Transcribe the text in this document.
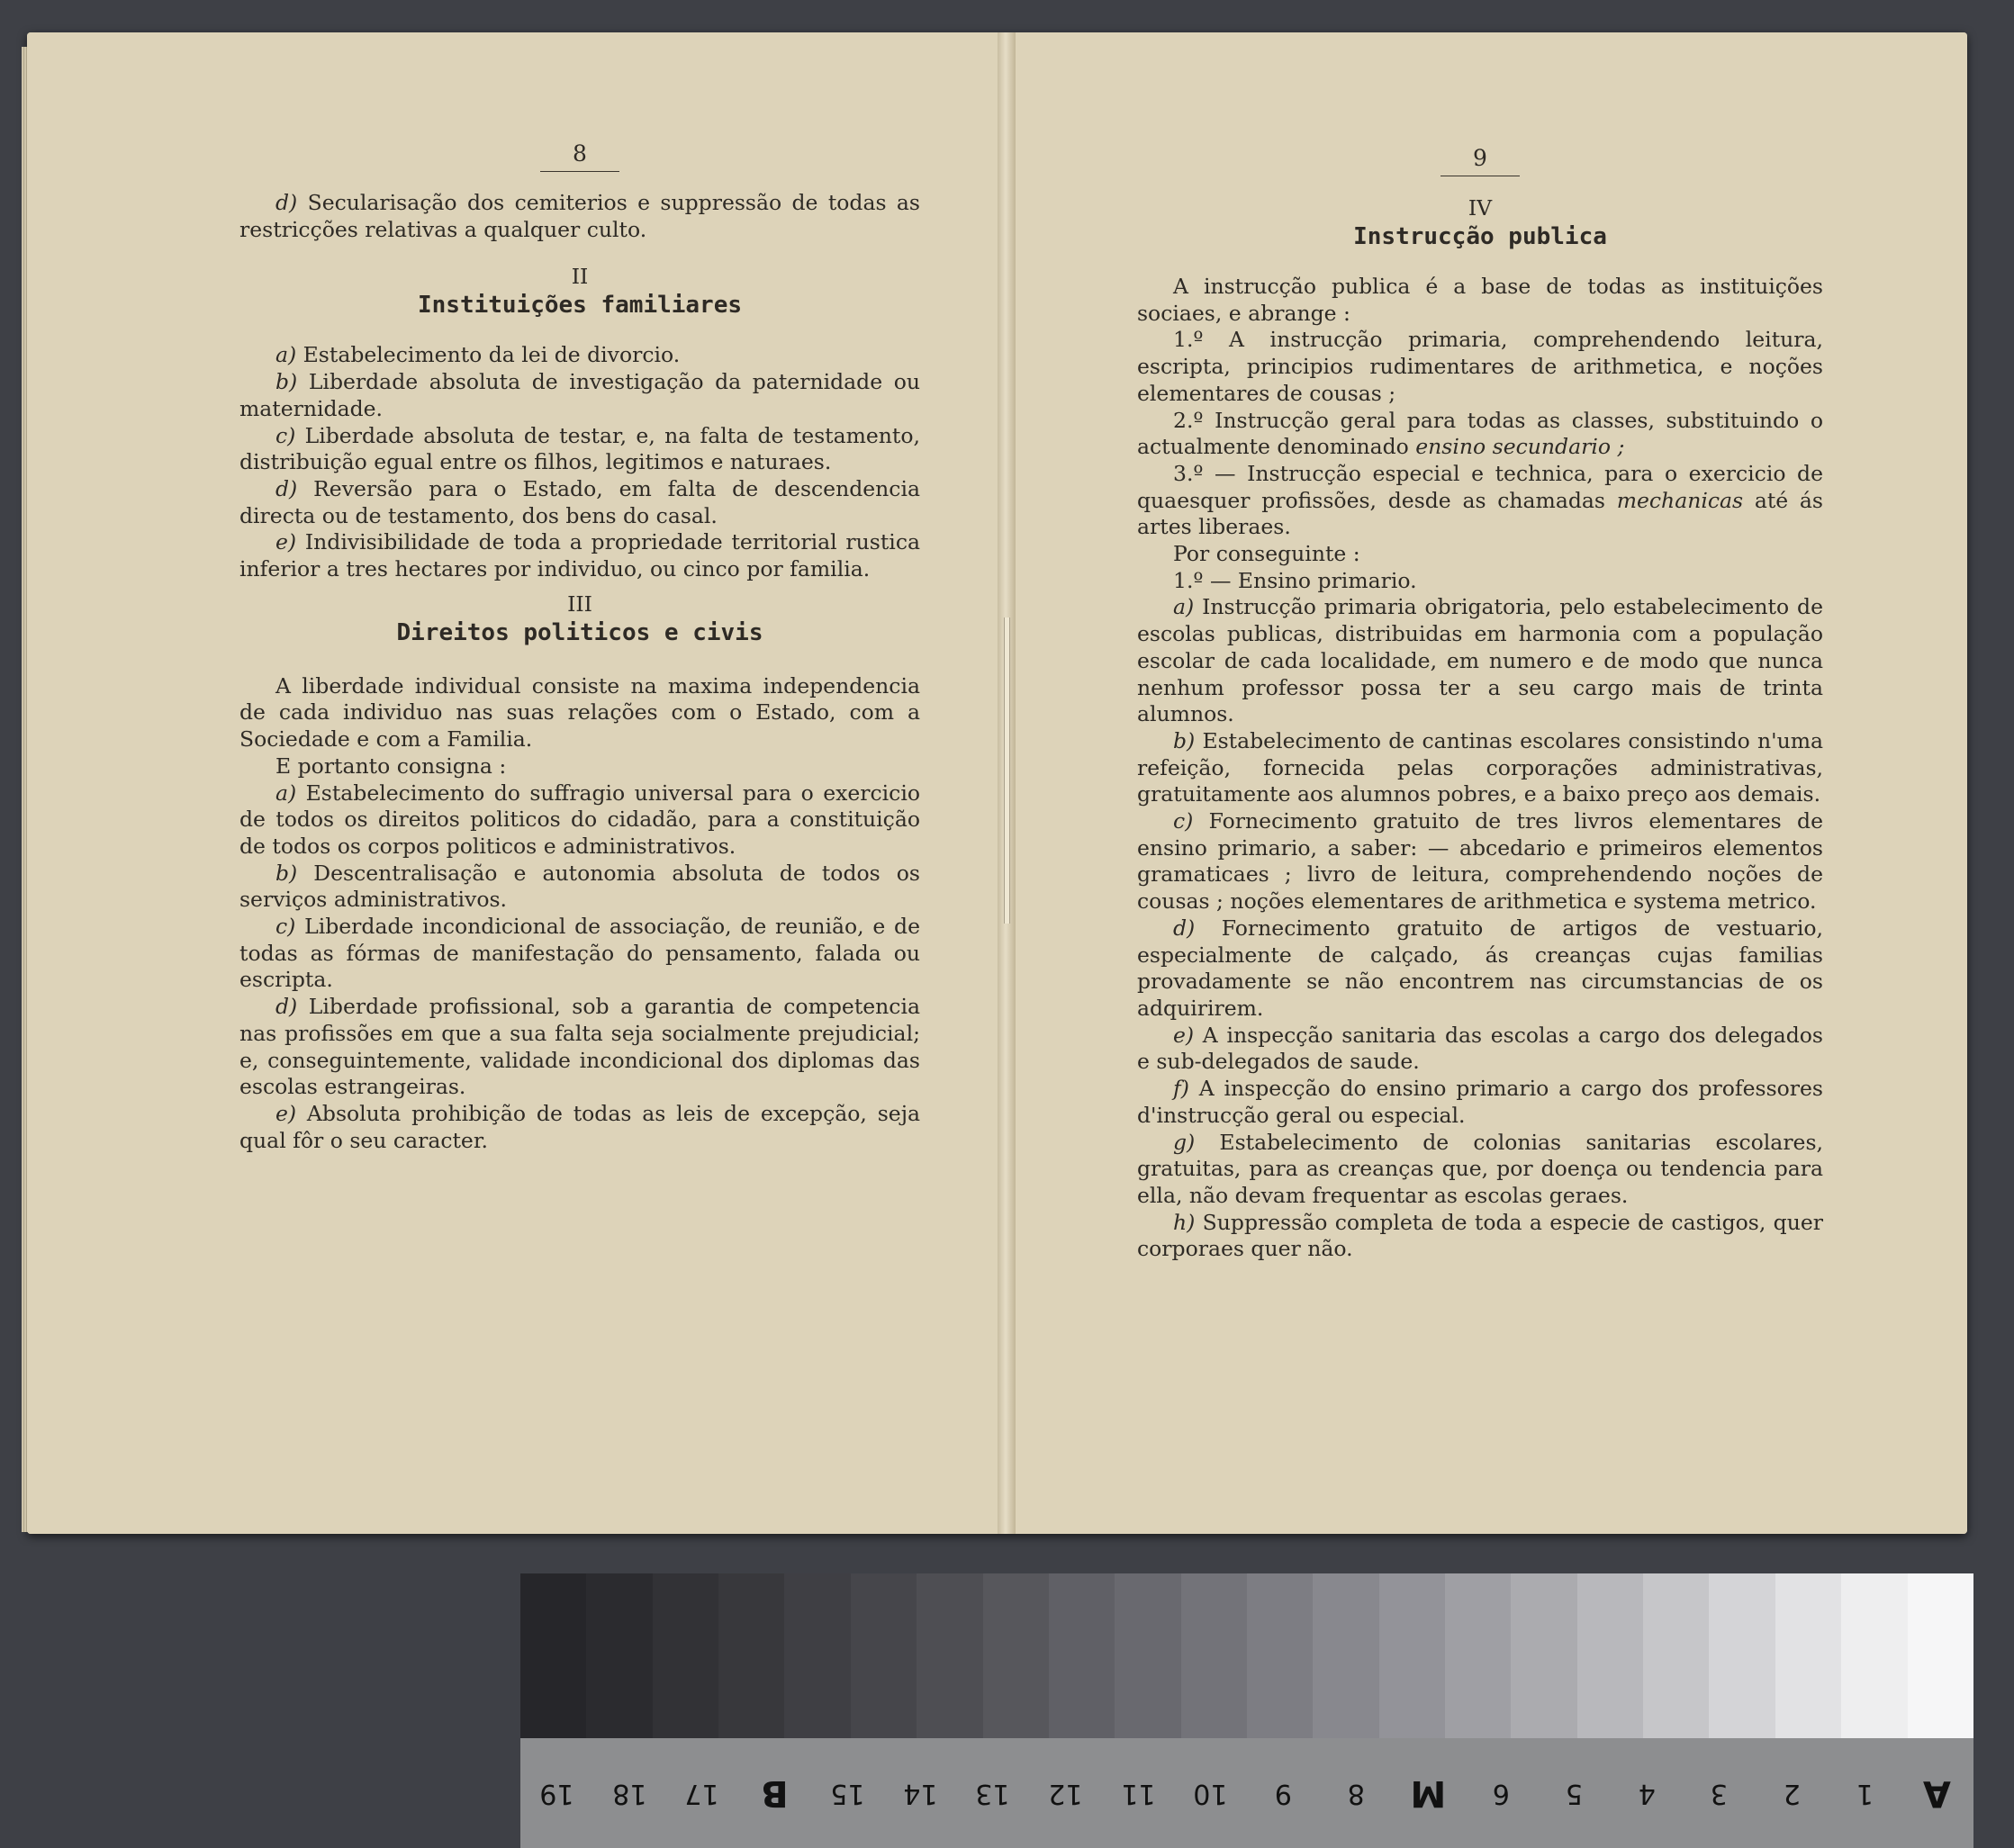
8

d) Secularisação dos cemiterios e suppressão de todas as restricções relativas a qualquer culto.

II

Instituições familiares

a) Estabelecimento da lei de divorcio.

b) Liberdade absoluta de investigação da paternidade ou maternidade.

c) Liberdade absoluta de testar, e, na falta de testamento, distribuição egual entre os filhos, legitimos e naturaes.

d) Reversão para o Estado, em falta de descendencia directa ou de testamento, dos bens do casal.

e) Indivisibilidade de toda a propriedade territorial rustica inferior a tres hectares por individuo, ou cinco por familia.

III

Direitos politicos e civis

A liberdade individual consiste na maxima independencia de cada individuo nas suas relações com o Estado, com a Sociedade e com a Familia.

E portanto consigna :

a) Estabelecimento do suffragio universal para o exercicio de todos os direitos politicos do cidadão, para a constituição de todos os corpos politicos e administrativos.

b) Descentralisação e autonomia absoluta de todos os serviços administrativos.

c) Liberdade incondicional de associação, de reunião, e de todas as fórmas de manifestação do pensamento, falada ou escripta.

d) Liberdade profissional, sob a garantia de competencia nas profissões em que a sua falta seja socialmente prejudicial; e, conseguintemente, validade incondicional dos diplomas das escolas estrangeiras.

e) Absoluta prohibição de todas as leis de excepção, seja qual fôr o seu caracter.

9

IV

Instrucção publica

A instrucção publica é a base de todas as instituições sociaes, e abrange :

1.º A instrucção primaria, comprehendendo leitura, escripta, principios rudimentares de arithmetica, e noções elementares de cousas ;

2.º Instrucção geral para todas as classes, substituindo o actualmente denominado ensino secundario ;

3.º — Instrucção especial e technica, para o exercicio de quaesquer profissões, desde as chamadas mechanicas até ás artes liberaes.

Por conseguinte :

1.º — Ensino primario.

a) Instrucção primaria obrigatoria, pelo estabelecimento de escolas publicas, distribuidas em harmonia com a população escolar de cada localidade, em numero e de modo que nunca nenhum professor possa ter a seu cargo mais de trinta alumnos.

b) Estabelecimento de cantinas escolares consistindo n'uma refeição, fornecida pelas corporações administrativas, gratuitamente aos alumnos pobres, e a baixo preço aos demais.

c) Fornecimento gratuito de tres livros elementares de ensino primario, a saber: — abcedario e primeiros elementos gramaticaes ; livro de leitura, comprehendendo noções de cousas ; noções elementares de arithmetica e systema metrico.

d) Fornecimento gratuito de artigos de vestuario, especialmente de calçado, ás creanças cujas familias provadamente se não encontrem nas circumstancias de os adquirirem.

e) A inspecção sanitaria das escolas a cargo dos delegados e sub-delegados de saude.

f) A inspecção do ensino primario a cargo dos professores d'instrucção geral ou especial.

g) Estabelecimento de colonias sanitarias escolares, gratuitas, para as creanças que, por doença ou tendencia para ella, não devam frequentar as escolas geraes.

h) Suppressão completa de toda a especie de castigos, quer corporaes quer não.

19	18	17	B	15	14	13	12	11	10	9	8	M	6	5	4	3	2	1	A
